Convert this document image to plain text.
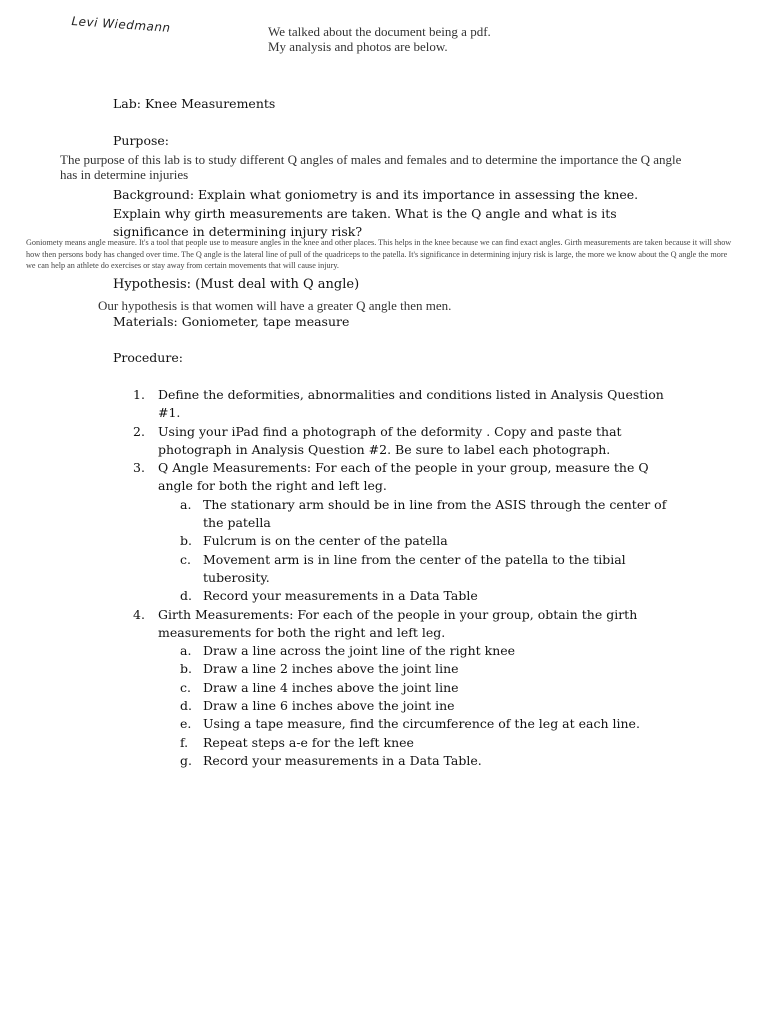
Levi Wiedmann	We talked about the document being a pdf.
My analysis and photos are below.
Lab: Knee Measurements
Purpose:
The purpose of this lab is to study different Q angles of males and females and to determine the importance the Q angle has in determine injuries
Background: Explain what goniometry is and its importance in assessing the knee. Explain why girth measurements are taken. What is the Q angle and what is its significance in determining injury risk?
Goniomety means angle measure. It's a tool that people use to measure angles in the knee and other places. This helps in the knee because we can find exact angles. Girth measurements are taken because it will show how then persons body has changed over time. The Q angle is the lateral line of pull of the quadriceps to the patella. It's significance in determining injury risk is large, the more we know about the Q angle the more we can help an athlete do exercises or stay away from certain movements that will cause injury.
Hypothesis: (Must deal with Q angle)
Our hypothesis is that women will have a greater Q angle then men.
Materials: Goniometer, tape measure
Procedure:
1. Define the deformities, abnormalities and conditions listed in Analysis Question #1.
2. Using your iPad find a photograph of the deformity . Copy and paste that photograph in Analysis Question #2. Be sure to label each photograph.
3. Q Angle Measurements: For each of the people in your group, measure the Q angle for both the right and left leg.
a. The stationary arm should be in line from the ASIS through the center of the patella
b. Fulcrum is on the center of the patella
c. Movement arm is in line from the center of the patella to the tibial tuberosity.
d. Record your measurements in a Data Table
4. Girth Measurements: For each of the people in your group, obtain the girth measurements for both the right and left leg.
a. Draw a line across the joint line of the right knee
b. Draw a line 2 inches above the joint line
c. Draw a line 4 inches above the joint line
d. Draw a line 6 inches above the joint ine
e. Using a tape measure, find the circumference of the leg at each line.
f. Repeat steps a-e for the left knee
g. Record your measurements in a Data Table.
